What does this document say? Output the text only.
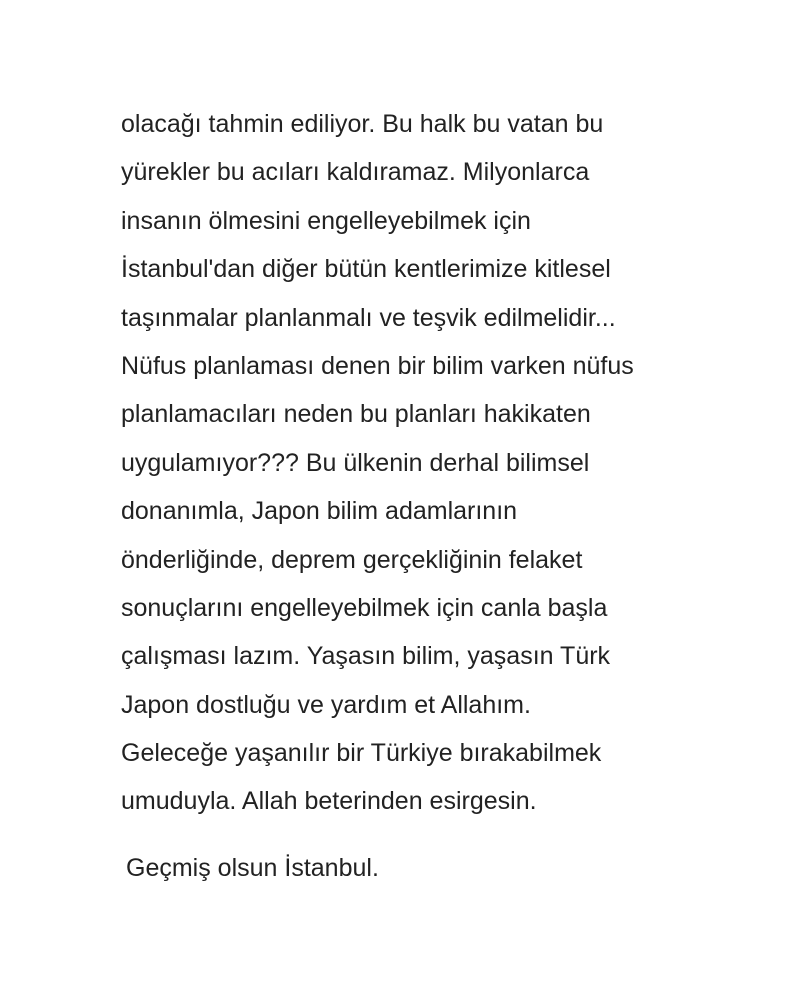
olacağı tahmin ediliyor. Bu halk bu vatan bu
yürekler bu acıları kaldıramaz. Milyonlarca
insanın ölmesini engelleyebilmek için
İstanbul'dan diğer bütün kentlerimize kitlesel
taşınmalar planlanmalı ve teşvik edilmelidir...
Nüfus planlaması denen bir bilim varken nüfus
planlamacıları neden bu planları hakikaten
uygulamıyor??? Bu ülkenin derhal bilimsel
donanımla, Japon bilim adamlarının
önderliğinde, deprem gerçekliğinin felaket
sonuçlarını engelleyebilmek için canla başla
çalışması lazım. Yaşasın bilim, yaşasın Türk
Japon dostluğu ve yardım et Allahım.
Geleceğe yaşanılır bir Türkiye bırakabilmek
umuduyla. Allah beterinden esirgesin.

Geçmiş olsun İstanbul.
